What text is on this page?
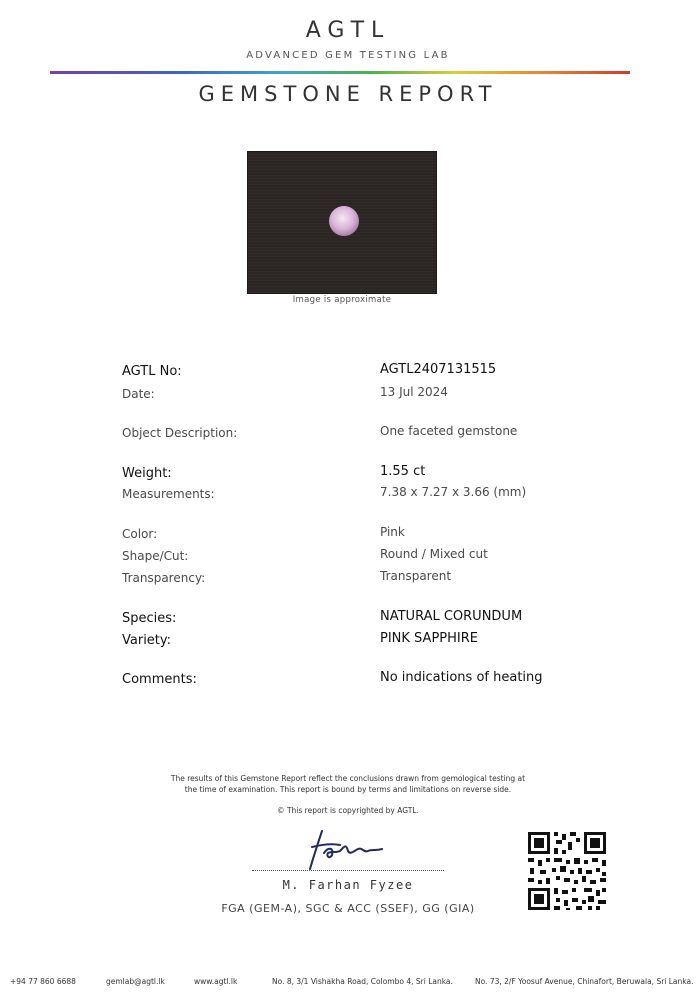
AGTL
ADVANCED GEM TESTING LAB
GEMSTONE REPORT
Image is approximate
AGTL No:	AGTL2407131515
Date:	13 Jul 2024
Object Description:	One faceted gemstone
Weight:	1.55 ct
Measurements:	7.38 x 7.27 x 3.66 (mm)
Color:	Pink
Shape/Cut:	Round / Mixed cut
Transparency:	Transparent
Species:	NATURAL CORUNDUM
Variety:	PINK SAPPHIRE
Comments:	No indications of heating
The results of this Gemstone Report reflect the conclusions drawn from gemological testing at
the time of examination. This report is bound by terms and limitations on reverse side.
© This report is copyrighted by AGTL.
M. Farhan Fyzee
FGA (GEM-A), SGC & ACC (SSEF), GG (GIA)
+94 77 860 6688	gemlab@agtl.lk	www.agtl.lk	No. 8, 3/1 Vishakha Road, Colombo 4, Sri Lanka.	No. 73, 2/F Yoosuf Avenue, Chinafort, Beruwala, Sri Lanka.
